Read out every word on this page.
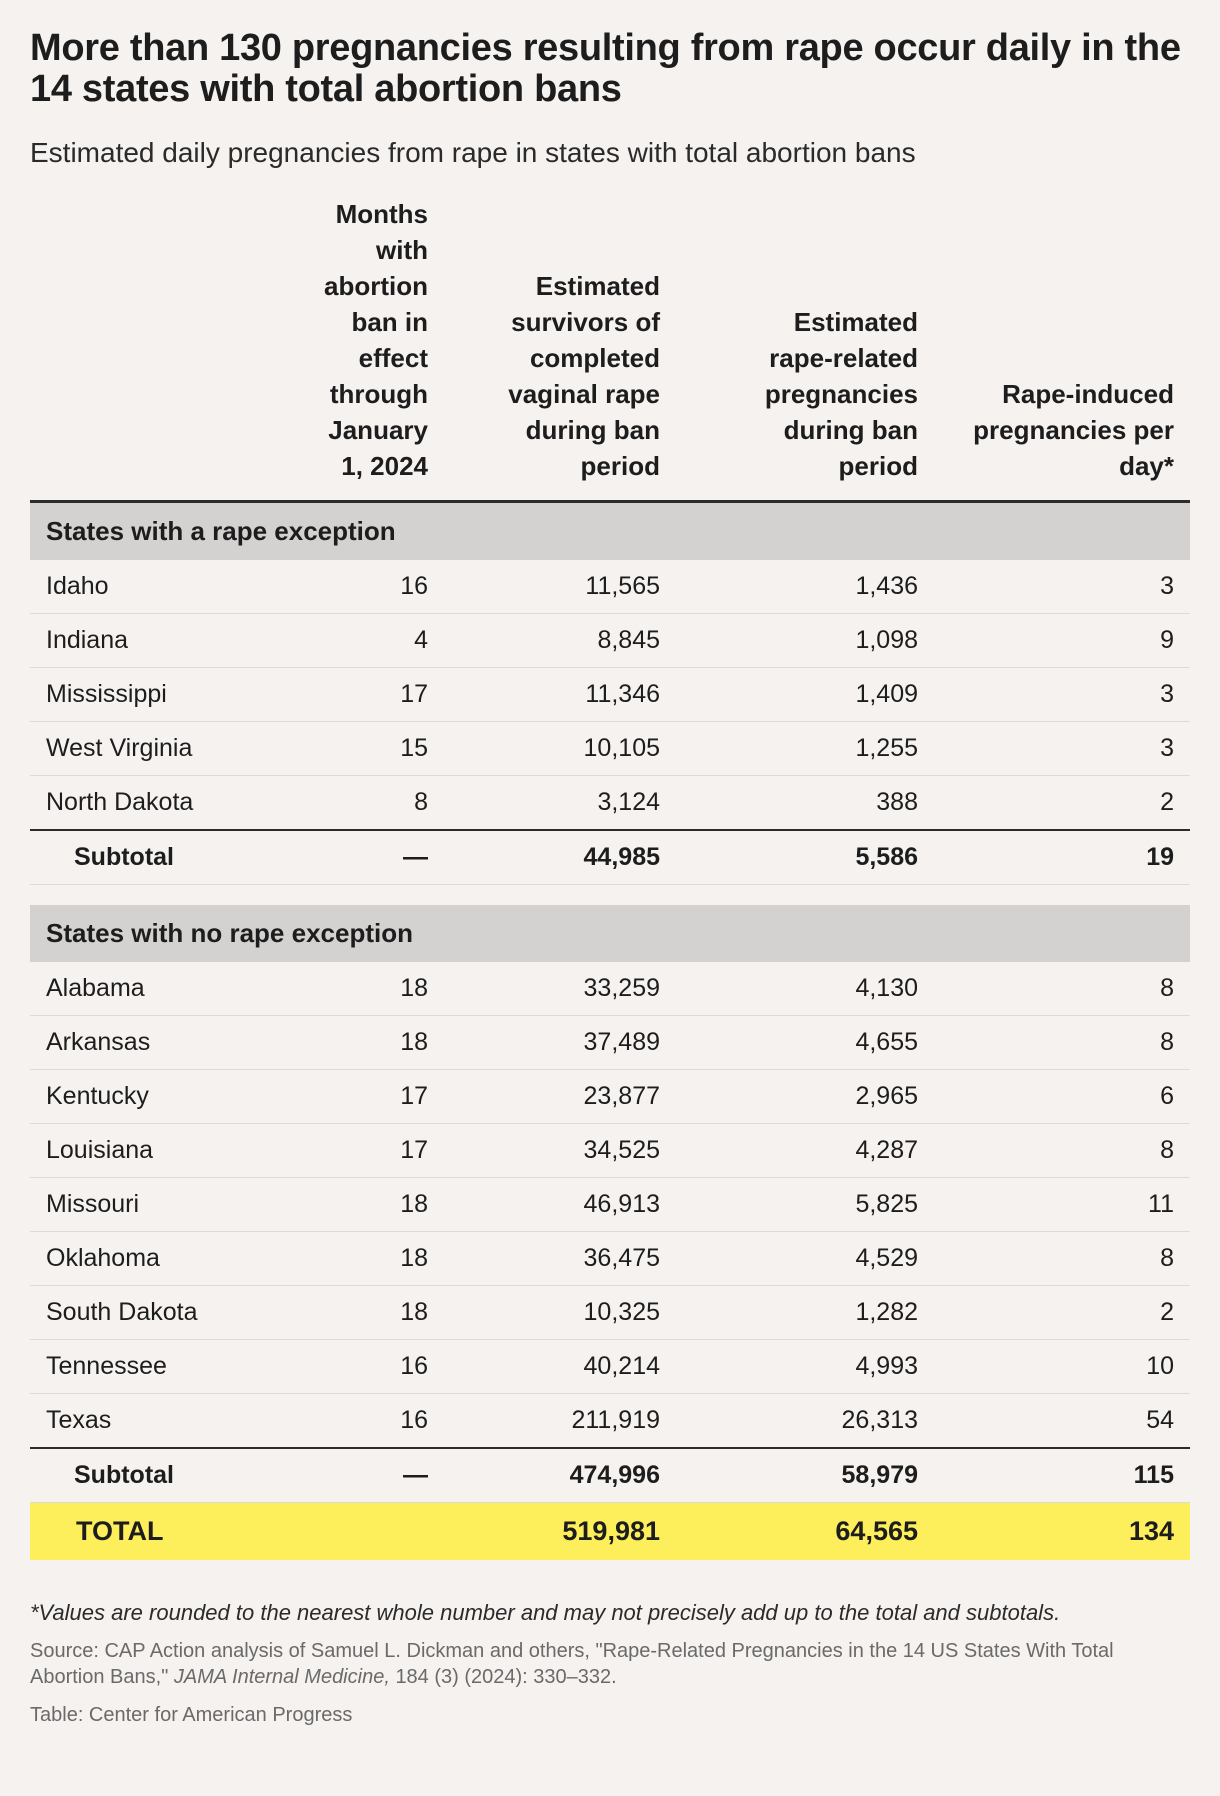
More than 130 pregnancies resulting from rape occur daily in the 14 states with total abortion bans
Estimated daily pregnancies from rape in states with total abortion bans
	Months with abortion ban in effect through January 1, 2024	Estimated survivors of completed vaginal rape during ban period	Estimated rape-related pregnancies during ban period	Rape-induced pregnancies per day*
States with a rape exception				
Idaho	16	11,565	1,436	3
Indiana	4	8,845	1,098	9
Mississippi	17	11,346	1,409	3
West Virginia	15	10,105	1,255	3
North Dakota	8	3,124	388	2
Subtotal	—	44,985	5,586	19

States with no rape exception				
Alabama	18	33,259	4,130	8
Arkansas	18	37,489	4,655	8
Kentucky	17	23,877	2,965	6
Louisiana	17	34,525	4,287	8
Missouri	18	46,913	5,825	11
Oklahoma	18	36,475	4,529	8
South Dakota	18	10,325	1,282	2
Tennessee	16	40,214	4,993	10
Texas	16	211,919	26,313	54
Subtotal	—	474,996	58,979	115
TOTAL		519,981	64,565	134
*Values are rounded to the nearest whole number and may not precisely add up to the total and subtotals.
Source: CAP Action analysis of Samuel L. Dickman and others, "Rape-Related Pregnancies in the 14 US States With Total Abortion Bans," JAMA Internal Medicine, 184 (3) (2024): 330–332.
Table: Center for American Progress
